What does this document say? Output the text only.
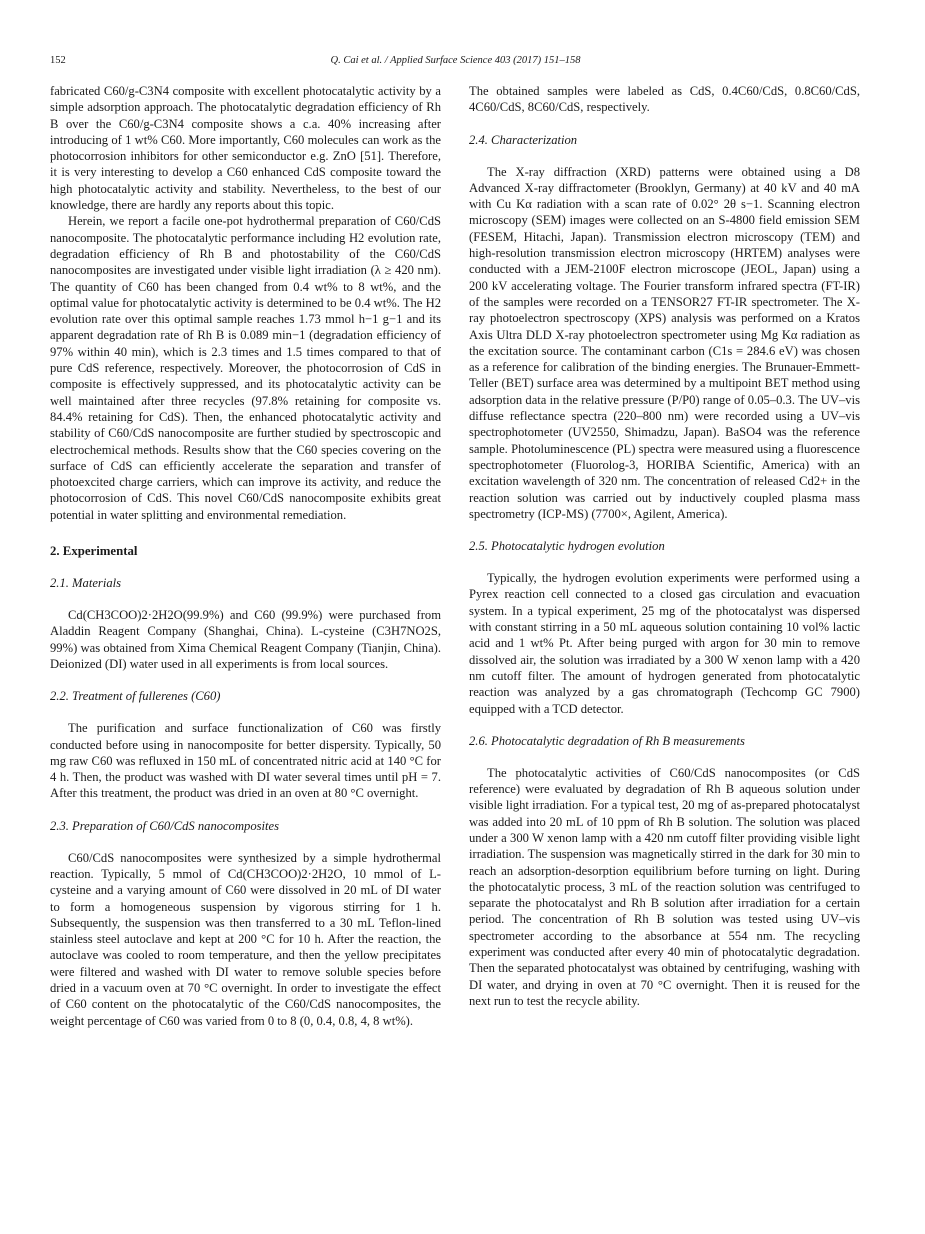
152	Q. Cai et al. / Applied Surface Science 403 (2017) 151–158

fabricated C60/g-C3N4 composite with excellent photocatalytic activity by a simple adsorption approach. The photocatalytic degradation efficiency of Rh B over the C60/g-C3N4 composite shows a c.a. 40% increasing after introducing of 1 wt% C60. More importantly, C60 molecules can work as the photocorrosion inhibitors for other semiconductor e.g. ZnO [51]. Therefore, it is very interesting to develop a C60 enhanced CdS composite toward the high photocatalytic activity and stability. Nevertheless, to the best of our knowledge, there are hardly any reports about this topic.

Herein, we report a facile one-pot hydrothermal preparation of C60/CdS nanocomposite. The photocatalytic performance including H2 evolution rate, degradation efficiency of Rh B and photostability of the C60/CdS nanocomposites are investigated under visible light irradiation (λ ≥ 420 nm). The quantity of C60 has been changed from 0.4 wt% to 8 wt%, and the optimal value for photocatalytic activity is determined to be 0.4 wt%. The H2 evolution rate over this optimal sample reaches 1.73 mmol h−1 g−1 and its apparent degradation rate of Rh B is 0.089 min−1 (degradation efficiency of 97% within 40 min), which is 2.3 times and 1.5 times compared to that of pure CdS reference, respectively. Moreover, the photocorrosion of CdS in composite is effectively suppressed, and its photocatalytic activity can be well maintained after three recycles (97.8% retaining for composite vs. 84.4% retaining for CdS). Then, the enhanced photocatalytic activity and stability of C60/CdS nanocomposite are further studied by spectroscopic and electrochemical methods. Results show that the C60 species covering on the surface of CdS can efficiently accelerate the separation and transfer of photoexcited charge carriers, which can improve its activity, and reduce the photocorrosion of CdS. This novel C60/CdS nanocomposite exhibits great potential in water splitting and environmental remediation.

2. Experimental
2.1. Materials

Cd(CH3COO)2·2H2O(99.9%) and C60 (99.9%) were purchased from Aladdin Reagent Company (Shanghai, China). L-cysteine (C3H7NO2S, 99%) was obtained from Xima Chemical Reagent Company (Tianjin, China). Deionized (DI) water used in all experiments is from local sources.

2.2. Treatment of fullerenes (C60)

The purification and surface functionalization of C60 was firstly conducted before using in nanocomposite for better dispersity. Typically, 50 mg raw C60 was refluxed in 150 mL of concentrated nitric acid at 140 °C for 4 h. Then, the product was washed with DI water several times until pH = 7. After this treatment, the product was dried in an oven at 80 °C overnight.

2.3. Preparation of C60/CdS nanocomposites

C60/CdS nanocomposites were synthesized by a simple hydrothermal reaction. Typically, 5 mmol of Cd(CH3COO)2·2H2O, 10 mmol of L-cysteine and a varying amount of C60 were dissolved in 20 mL of DI water to form a homogeneous suspension by vigorous stirring for 1 h. Subsequently, the suspension was then transferred to a 30 mL Teflon-lined stainless steel autoclave and kept at 200 °C for 10 h. After the reaction, the autoclave was cooled to room temperature, and then the yellow precipitates were filtered and washed with DI water to remove soluble species before dried in a vacuum oven at 70 °C overnight. In order to investigate the effect of C60 content on the photocatalytic of the C60/CdS nanocomposites, the weight percentage of C60 was varied from 0 to 8 (0, 0.4, 0.8, 4, 8 wt%).

The obtained samples were labeled as CdS, 0.4C60/CdS, 0.8C60/CdS, 4C60/CdS, 8C60/CdS, respectively.

2.4. Characterization

The X-ray diffraction (XRD) patterns were obtained using a D8 Advanced X-ray diffractometer (Brooklyn, Germany) at 40 kV and 40 mA with Cu Kα radiation with a scan rate of 0.02° 2θ s−1. Scanning electron microscopy (SEM) images were collected on an S-4800 field emission SEM (FESEM, Hitachi, Japan). Transmission electron microscopy (TEM) and high-resolution transmission electron microscopy (HRTEM) analyses were conducted with a JEM-2100F electron microscope (JEOL, Japan) using a 200 kV accelerating voltage. The Fourier transform infrared spectra (FT-IR) of the samples were recorded on a TENSOR27 FT-IR spectrometer. The X-ray photoelectron spectroscopy (XPS) analysis was performed on a Kratos Axis Ultra DLD X-ray photoelectron spectrometer using Mg Kα radiation as the excitation source. The contaminant carbon (C1s = 284.6 eV) was chosen as a reference for calibration of the binding energies. The Brunauer-Emmett-Teller (BET) surface area was determined by a multipoint BET method using adsorption data in the relative pressure (P/P0) range of 0.05–0.3. The UV–vis diffuse reflectance spectra (220–800 nm) were recorded using a UV–vis spectrophotometer (UV2550, Shimadzu, Japan). BaSO4 was the reference sample. Photoluminescence (PL) spectra were measured using a fluorescence spectrophotometer (Fluorolog-3, HORIBA Scientific, America) with an excitation wavelength of 320 nm. The concentration of released Cd2+ in the reaction solution was carried out by inductively coupled plasma mass spectrometry (ICP-MS) (7700×, Agilent, America).

2.5. Photocatalytic hydrogen evolution

Typically, the hydrogen evolution experiments were performed using a Pyrex reaction cell connected to a closed gas circulation and evacuation system. In a typical experiment, 25 mg of the photocatalyst was dispersed with constant stirring in a 50 mL aqueous solution containing 10 vol% lactic acid and 1 wt% Pt. After being purged with argon for 30 min to remove dissolved air, the solution was irradiated by a 300 W xenon lamp with a 420 nm cutoff filter. The amount of hydrogen generated from photocatalytic reaction was analyzed by a gas chromatograph (Techcomp GC 7900) equipped with a TCD detector.

2.6. Photocatalytic degradation of Rh B measurements

The photocatalytic activities of C60/CdS nanocomposites (or CdS reference) were evaluated by degradation of Rh B aqueous solution under visible light irradiation. For a typical test, 20 mg of as-prepared photocatalyst was added into 20 mL of 10 ppm of Rh B solution. The solution was placed under a 300 W xenon lamp with a 420 nm cutoff filter providing visible light irradiation. The suspension was magnetically stirred in the dark for 30 min to reach an adsorption-desorption equilibrium before turning on light. During the photocatalytic process, 3 mL of the reaction solution was centrifuged to separate the photocatalyst and Rh B solution after irradiation for a certain period. The concentration of Rh B solution was tested using UV–vis spectrometer according to the absorbance at 554 nm. The recycling experiment was conducted after every 40 min of photocatalytic degradation. Then the separated photocatalyst was obtained by centrifuging, washing with DI water, and drying in oven at 70 °C overnight. Then it is reused for the next run to test the recycle ability.
